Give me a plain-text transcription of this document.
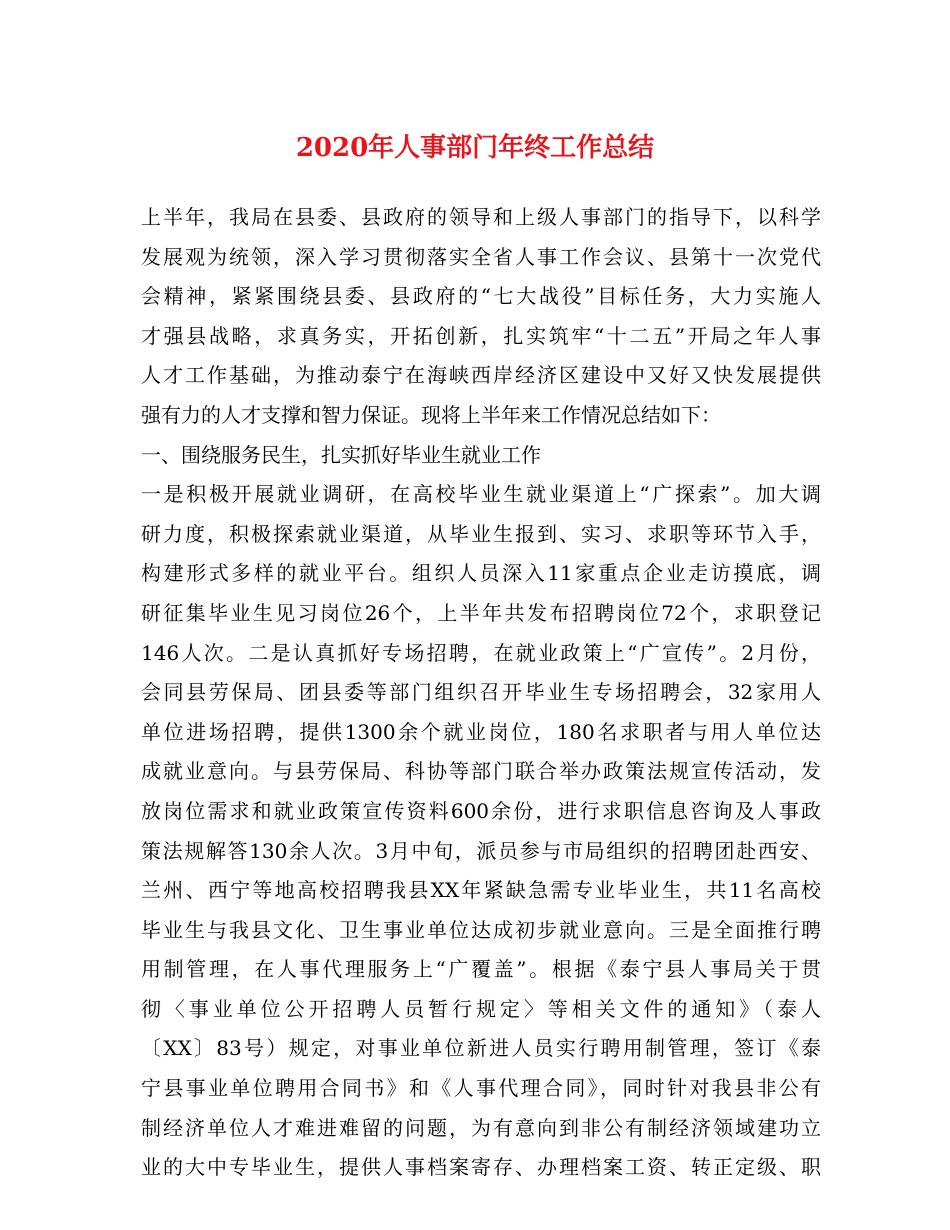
2020年人事部门年终工作总结
上半年，我局在县委、县政府的领导和上级人事部门的指导下，以科学
发展观为统领，深入学习贯彻落实全省人事工作会议、县第十一次党代
会精神，紧紧围绕县委、县政府的“七大战役”目标任务，大力实施人
才强县战略，求真务实，开拓创新，扎实筑牢“十二五”开局之年人事
人才工作基础，为推动泰宁在海峡西岸经济区建设中又好又快发展提供
强有力的人才支撑和智力保证。现将上半年来工作情况总结如下：
一、围绕服务民生，扎实抓好毕业生就业工作
一是积极开展就业调研，在高校毕业生就业渠道上“广探索”。加大调
研力度，积极探索就业渠道，从毕业生报到、实习、求职等环节入手，
构建形式多样的就业平台。组织人员深入11家重点企业走访摸底，调
研征集毕业生见习岗位26个，上半年共发布招聘岗位72个，求职登记
146人次。二是认真抓好专场招聘，在就业政策上“广宣传”。2月份，
会同县劳保局、团县委等部门组织召开毕业生专场招聘会，32家用人
单位进场招聘，提供1300余个就业岗位，180名求职者与用人单位达
成就业意向。与县劳保局、科协等部门联合举办政策法规宣传活动，发
放岗位需求和就业政策宣传资料600余份，进行求职信息咨询及人事政
策法规解答130余人次。3月中旬，派员参与市局组织的招聘团赴西安、
兰州、西宁等地高校招聘我县XX年紧缺急需专业毕业生，共11名高校
毕业生与我县文化、卫生事业单位达成初步就业意向。三是全面推行聘
用制管理，在人事代理服务上“广覆盖”。根据《泰宁县人事局关于贯
彻〈事业单位公开招聘人员暂行规定〉等相关文件的通知》（泰人
〔XX〕83号）规定，对事业单位新进人员实行聘用制管理，签订《泰
宁县事业单位聘用合同书》和《人事代理合同》，同时针对我县非公有
制经济单位人才难进难留的问题，为有意向到非公有制经济领域建功立
业的大中专毕业生，提供人事档案寄存、办理档案工资、转正定级、职
